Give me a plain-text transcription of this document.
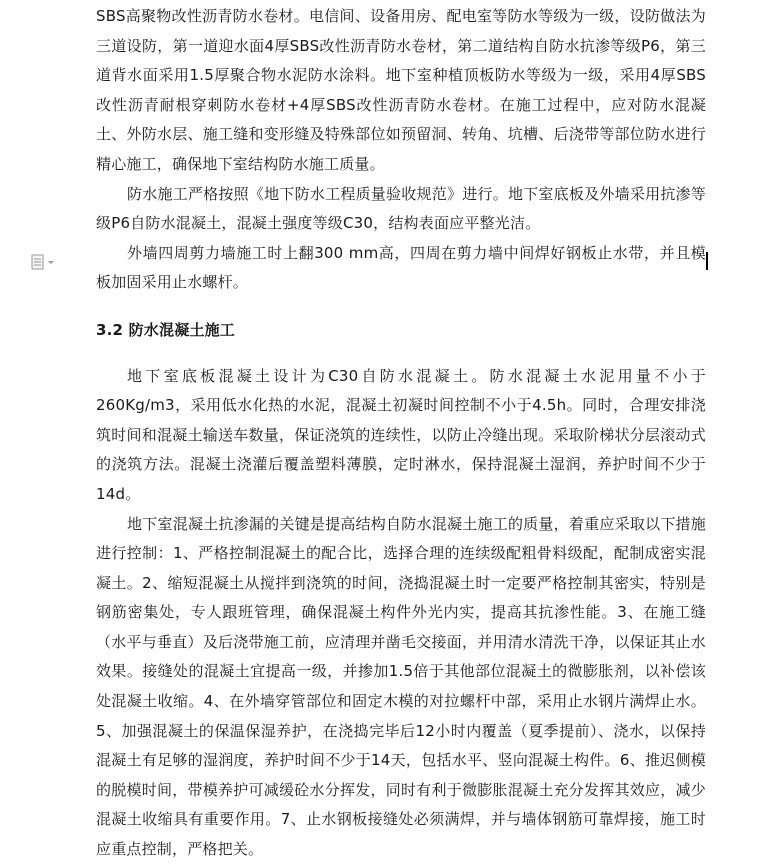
SBS高聚物改性沥青防水卷材。电信间、设备用房、配电室等防水等级为一级，设防做法为三道设防，第一道迎水面4厚SBS改性沥青防水卷材，第二道结构自防水抗渗等级P6，第三道背水面采用1.5厚聚合物水泥防水涂料。地下室种植顶板防水等级为一级，采用4厚SBS改性沥青耐根穿刺防水卷材+4厚SBS改性沥青防水卷材。在施工过程中，应对防水混凝土、外防水层、施工缝和变形缝及特殊部位如预留洞、转角、坑槽、后浇带等部位防水进行精心施工，确保地下室结构防水施工质量。

防水施工严格按照《地下防水工程质量验收规范》进行。地下室底板及外墙采用抗渗等级P6自防水混凝土，混凝土强度等级C30，结构表面应平整光洁。

外墙四周剪力墙施工时上翻300 mm高，四周在剪力墙中间焊好钢板止水带，并且模板加固采用止水螺杆。

3.2 防水混凝土施工

地下室底板混凝土设计为C30自防水混凝土。防水混凝土水泥用量不小于260Kg/m3，采用低水化热的水泥，混凝土初凝时间控制不小于4.5h。同时，合理安排浇筑时间和混凝土输送车数量，保证浇筑的连续性，以防止冷缝出现。采取阶梯状分层滚动式的浇筑方法。混凝土浇灌后覆盖塑料薄膜，定时淋水，保持混凝土湿润，养护时间不少于14d。

地下室混凝土抗渗漏的关键是提高结构自防水混凝土施工的质量，着重应采取以下措施进行控制：1、严格控制混凝土的配合比，选择合理的连续级配粗骨料级配，配制成密实混凝土。2、缩短混凝土从搅拌到浇筑的时间，浇捣混凝土时一定要严格控制其密实，特别是钢筋密集处，专人跟班管理，确保混凝土构件外光内实，提高其抗渗性能。3、在施工缝（水平与垂直）及后浇带施工前，应清理并凿毛交接面，并用清水清洗干净，以保证其止水效果。接缝处的混凝土宜提高一级，并掺加1.5倍于其他部位混凝土的微膨胀剂，以补偿该处混凝土收缩。4、在外墙穿管部位和固定木模的对拉螺杆中部，采用止水钢片满焊止水。5、加强混凝土的保温保湿养护，在浇捣完毕后12小时内覆盖（夏季提前）、浇水，以保持混凝土有足够的湿润度，养护时间不少于14天，包括水平、竖向混凝土构件。6、推迟侧模的脱模时间，带模养护可减缓砼水分挥发，同时有利于微膨胀混凝土充分发挥其效应，减少混凝土收缩具有重要作用。7、止水钢板接缝处必须满焊，并与墙体钢筋可靠焊接，施工时应重点控制，严格把关。
